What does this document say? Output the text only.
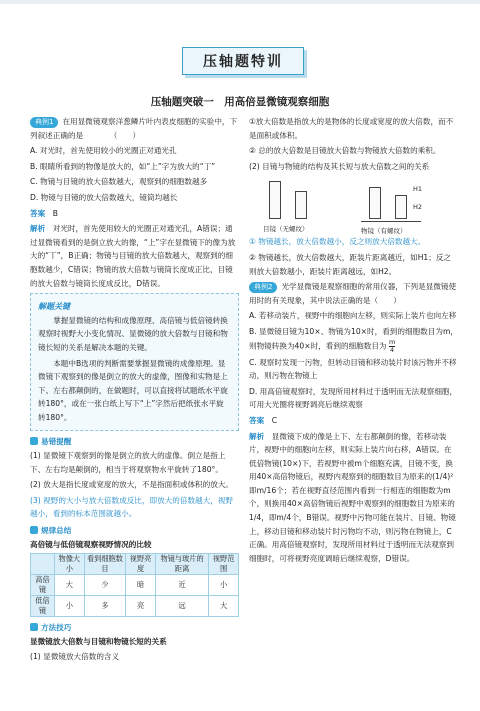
压轴题特训
压轴题突破一　用高倍显微镜观察细胞

典例1 在用显微镜观察洋葱鳞片叶内表皮细胞的实验中，下列叙述正确的是　　　　（　　）

A. 对光时，首先使用较小的光圈正对通光孔

B. 眼睛所看到的物像是放大的，如“上”字为放大的“丁”

C. 物镜与目镜的放大倍数越大，观察到的细胞数越多

D. 物镜与目镜的放大倍数越大，镜筒均越长

答案　 B

解析　 对光时，首先使用较大的光圈正对通光孔，A错误；通过显微镜看到的是倒立放大的像，“上”字在显微镜下的像为放大的“丅”，B正确；物镜与目镜的放大倍数越大，观察到的细胞数越少，C错误；物镜的放大倍数与镜筒长度成正比，目镜的放大倍数与镜筒长度成反比，D错误。

解题关键

掌握显微镜的结构和成像原理、高倍镜与低倍镜转换观察时视野大小变化情况、显微镜的放大倍数与目镜和物镜长短的关系是解决本题的关键。

本题中B选项的判断需要掌握显微镜的成像原理。显微镜下观察到的像是倒立的放大的虚像，图像和实物是上下、左右都颠倒的，在做题时，可以直接将试题纸水平旋转180°，或在一张白纸上写下“上”字然后把纸张水平旋转180°。

易错提醒

(1) 显微镜下观察到的像是倒立的放大的虚像。倒立是指上下、左右均是颠倒的，相当于将观察物水平旋转了180°。

(2) 放大是指长度或宽度的放大，不是指面积或体积的放大。

(3) 视野的大小与放大倍数成反比，即放大的倍数越大，视野越小，看到的标本范围就越小。

规律总结

高倍镜与低倍镜观察视野情况的比较

	物像大小	看到细胞数目	视野亮度	物镜与玻片的距离	视野范围
高倍镜	大	少	暗	近	小
低倍镜	小	多	亮	远	大
方法技巧

显微镜放大倍数与目镜和物镜长短的关系

(1) 显微镜放大倍数的含义

①放大倍数是指放大的是物体的长度或宽度的放大倍数，而不是面积或体积。

② 总的放大倍数是目镜放大倍数与物镜放大倍数的乘积。

(2) 目镜与物镜的结构及其长短与放大倍数之间的关系

H1
H2
目镜（无螺纹）	物镜（有螺纹）

① 物镜越长，放大倍数越小，反之则放大倍数越大。

② 物镜越长，放大倍数越大，距装片距离越近，如H1；反之则放大倍数越小，距装片距离越远，如H2。

典例2 光学显微镜是观察细胞的常用仪器，下列是显微镜使用时的有关现象，其中说法正确的是（　　）

A. 若移动装片，视野中的细胞向左移，则实际上装片也向左移

B. 显微镜目镜为10×、物镜为10×时，看到的细胞数目为m，则物镜转换为40×时，看到的细胞数目为 $\frac{m}{4}$

C. 观察时发现一污物，但转动目镜和移动装片时该污物并不移动，则污物在物镜上

D. 用高倍镜观察时，发现所用材料过于透明而无法观察细胞，可用大光圈将视野调亮后继续观察

答案　 C

解析　 显微镜下成的像是上下、左右都颠倒的像，若移动装片，视野中的细胞向左移，则实际上装片向右移，A错误。在低倍物镜(10×)下，若视野中被m个细胞充满，目镜不变，换用40×高倍物镜后，视野内观察到的细胞数目为原来的(1/4)²即m/16个；若在视野直径范围内看到一行相连的细胞数为m个，则换用40×高倍物镜后视野中观察到的细胞数目为原来的1/4，即m/4个，B错误。视野中污物可能在装片、目镜、物镜上，移动目镜和移动装片时污物均不动，则污物在物镜上，C正确。用高倍镜观察时，发现所用材料过于透明而无法观察到细胞时，可将视野亮度调暗后继续观察，D错误。
